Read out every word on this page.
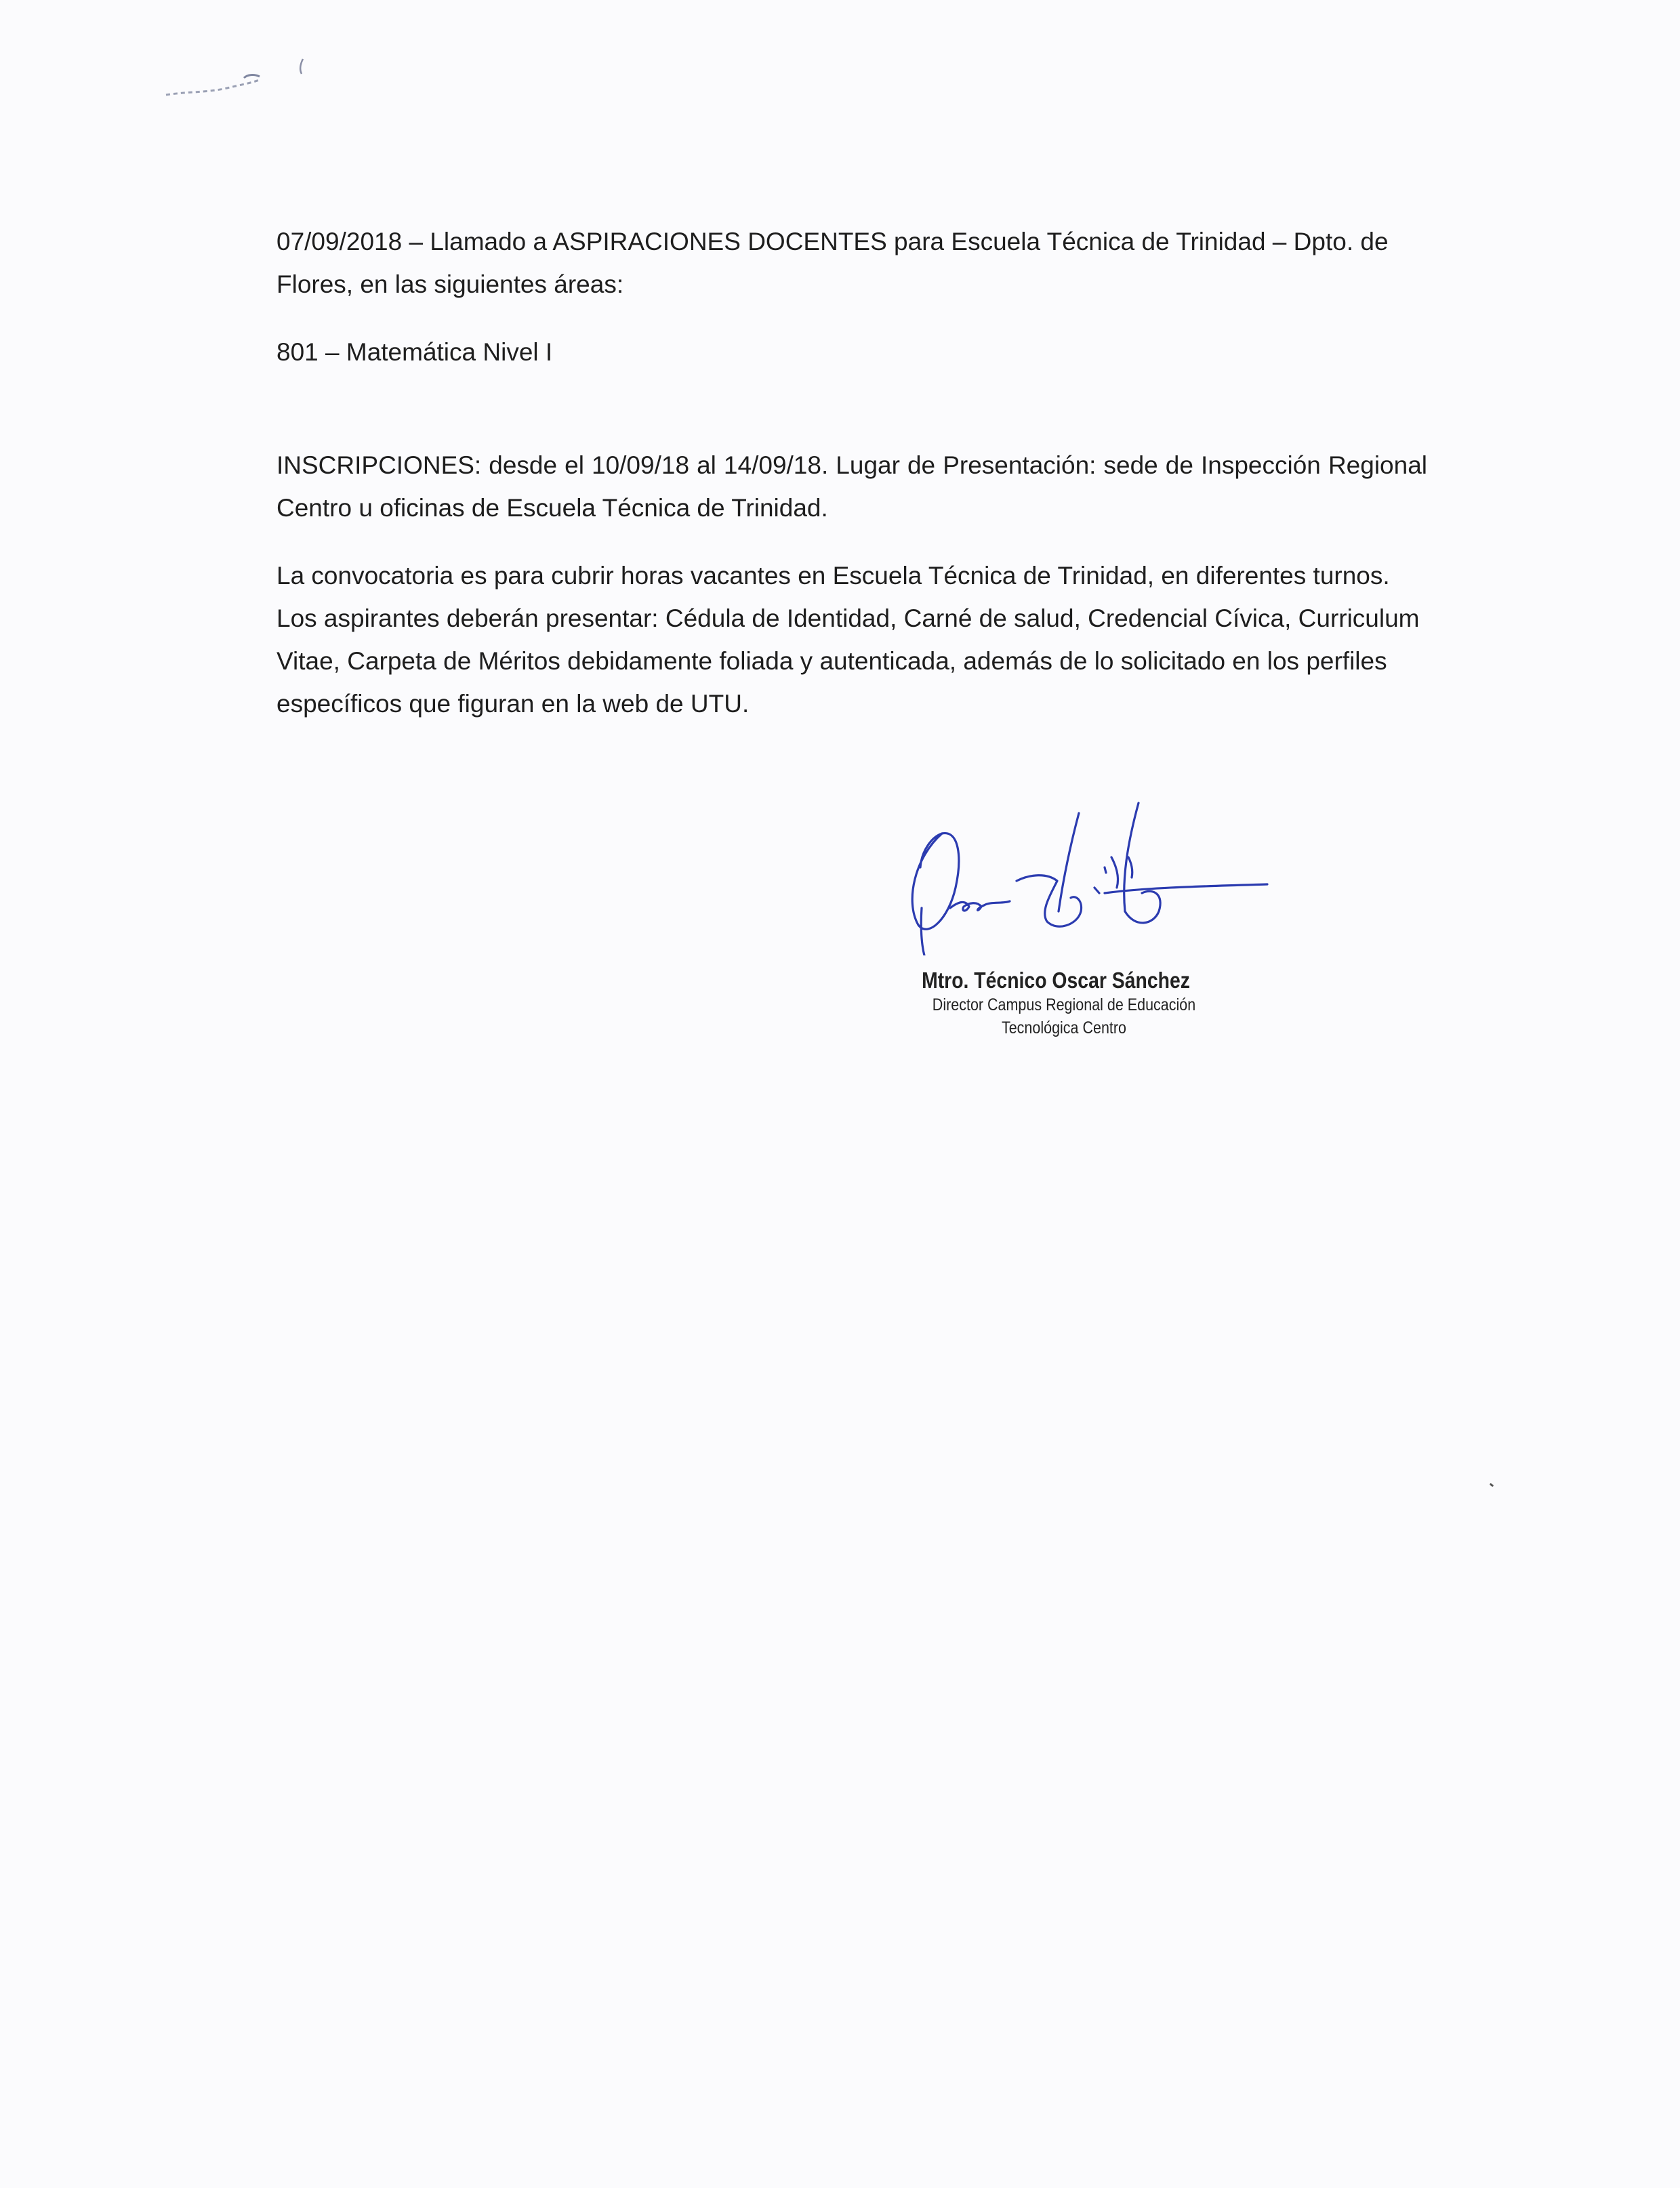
07/09/2018 – Llamado a ASPIRACIONES DOCENTES para Escuela Técnica de Trinidad – Dpto. de Flores, en las siguientes áreas:
801 – Matemática Nivel I
INSCRIPCIONES: desde el 10/09/18 al 14/09/18. Lugar de Presentación: sede de Inspección Regional Centro u oficinas de Escuela Técnica de Trinidad.
La convocatoria es para cubrir horas vacantes en Escuela Técnica de Trinidad, en diferentes turnos. Los aspirantes deberán presentar: Cédula de Identidad, Carné de salud, Credencial Cívica, Curriculum Vitae, Carpeta de Méritos debidamente foliada y autenticada, además de lo solicitado en los perfiles específicos que figuran en la web de UTU.
Mtro. Técnico Oscar Sánchez
Director Campus Regional de Educación
Tecnológica Centro
